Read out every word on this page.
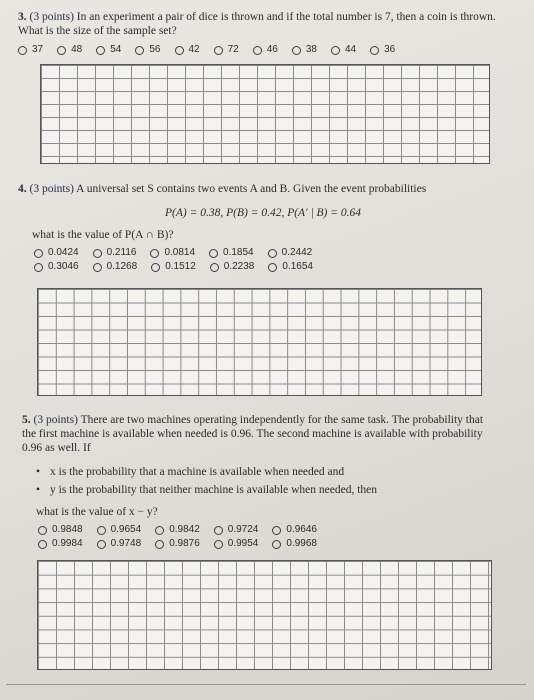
3. (3 points) In an experiment a pair of dice is thrown and if the total number is 7, then a coin is thrown. What is the size of the sample set?
37	48	54	56	42	72	46	38	44	36
4. (3 points) A universal set S contains two events A and B. Given the event probabilities
P(A) = 0.38, P(B) = 0.42, P(A′ | B) = 0.64
what is the value of P(A ∩ B)?
0.0424	0.2116	0.0814	0.1854	0.2442
0.3046	0.1268	0.1512	0.2238	0.1654
5. (3 points) There are two machines operating independently for the same task. The probability that the first machine is available when needed is 0.96. The second machine is available with probability 0.96 as well. If
• x is the probability that a machine is available when needed and
• y is the probability that neither machine is available when needed, then
what is the value of x − y?
0.9848	0.9654	0.9842	0.9724	0.9646
0.9984	0.9748	0.9876	0.9954	0.9968
